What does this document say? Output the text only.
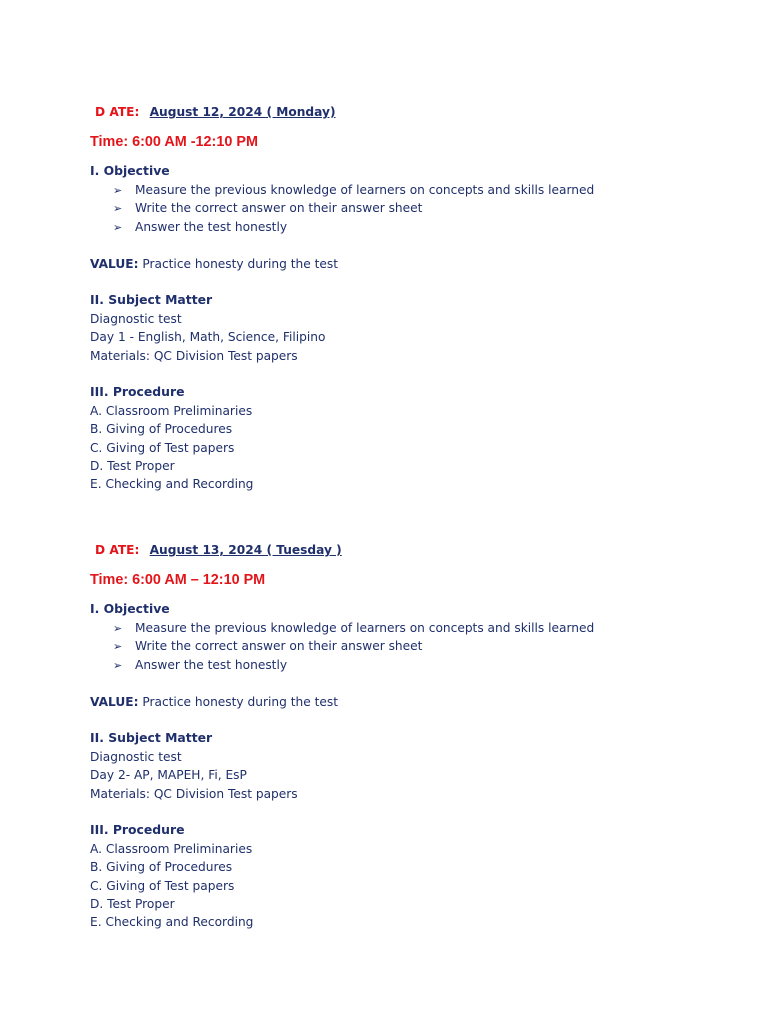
D ATE: August 12, 2024 ( Monday)
Time: 6:00 AM -12:10 PM
I. Objective
➢ Measure the previous knowledge of learners on concepts and skills learned
➢ Write the correct answer on their answer sheet
➢ Answer the test honestly
VALUE: Practice honesty during the test
II. Subject Matter
Diagnostic test
Day 1 - English, Math, Science, Filipino
Materials: QC Division Test papers
III. Procedure
A. Classroom Preliminaries
B. Giving of Procedures
C. Giving of Test papers
D. Test Proper
E. Checking and Recording
D ATE: August 13, 2024 ( Tuesday )
Time: 6:00 AM – 12:10 PM
I. Objective
➢ Measure the previous knowledge of learners on concepts and skills learned
➢ Write the correct answer on their answer sheet
➢ Answer the test honestly
VALUE: Practice honesty during the test
II. Subject Matter
Diagnostic test
Day 2- AP, MAPEH, Fi, EsP
Materials: QC Division Test papers
III. Procedure
A. Classroom Preliminaries
B. Giving of Procedures
C. Giving of Test papers
D. Test Proper
E. Checking and Recording
